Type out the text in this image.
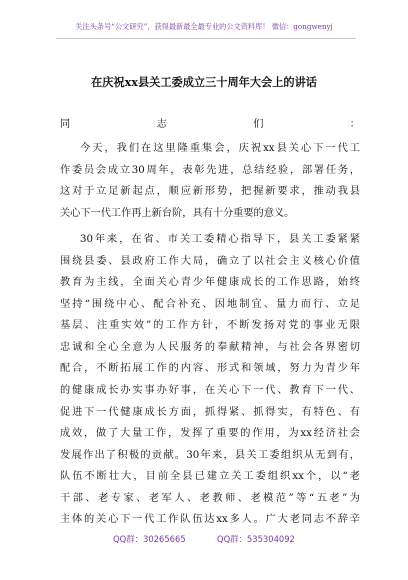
关注头条号“公文研究”，获得最新最全最专业的公文资料库！ 微信：gongwenyj
在庆祝xx县关工委成立三十周年大会上的讲话
同志们：
今天，我们在这里隆重集会，庆祝xx县关心下一代工
作委员会成立30周年，表彰先进，总结经验，部署任务，
这对于立足新起点，顺应新形势，把握新要求，推动我县
关心下一代工作再上新台阶，具有十分重要的意义。
30年来，在省、市关工委精心指导下，县关工委紧紧
围绕县委、县政府工作大局，确立了以社会主义核心价值
教育为主线，全面关心青少年健康成长的工作思路，始终
坚持“围绕中心、配合补充、因地制宜、量力而行、立足
基层、注重实效”的工作方针，不断发扬对党的事业无限
忠诚和全心全意为人民服务的奉献精神，与社会各界密切
配合，不断拓展工作的内容、形式和领域，努力为青少年
的健康成长办实事办好事，在关心下一代、教育下一代、
促进下一代健康成长方面，抓得紧、抓得实，有特色、有
成效，做了大量工作，发挥了重要的作用，为xx经济社会
发展作出了积极的贡献。30年来，县关工委组织从无到有，
队伍不断壮大，目前全县已建立关工委组织xx个，以“老
干部、老专家、老军人、老教师、老模范”等“五老”为
主体的关心下一代工作队伍达xx多人。广大老同志不辞辛
QQ群：30265665	QQ群：535304092
